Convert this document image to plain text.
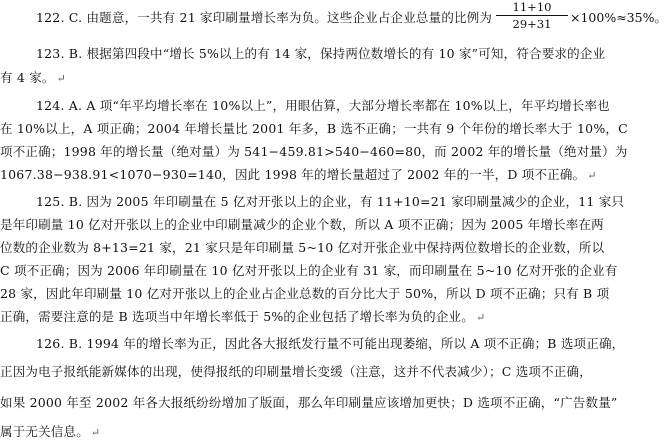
122. C. 由题意，一共有 21 家印刷量增长率为负。这些企业占企业总量的比例为 $\frac{11+10}{29+31} \times 100\%\approx 35\%$。
123. B. 根据第四段中“增长 5%以上的有 14 家，保持两位数增长的有 10 家”可知，符合要求的企业
有 4 家。 ↵
124. A. A 项“年平均增长率在 10%以上”，用眼估算，大部分增长率都在 10%以上，年平均增长率也
在 10%以上，A 项正确；2004 年增长量比 2001 年多，B 选不正确；一共有 9 个年份的增长率大于 10%，C
项不正确；1998 年的增长量（绝对量）为 541−459.81>540−460=80，而 2002 年的增长量（绝对量）为
1067.38−938.91<1070−930=140，因此 1998 年的增长量超过了 2002 年的一半，D 项不正确。 ↵
125. B. 因为 2005 年印刷量在 5 亿对开张以上的企业，有 11+10=21 家印刷量减少的企业，11 家只
是年印刷量 10 亿对开张以上的企业中印刷量减少的企业个数，所以 A 项不正确；因为 2005 年增长率在两
位数的企业数为 8+13=21 家，21 家只是年印刷量 5~10 亿对开张企业中保持两位数增长的企业数，所以
C 项不正确；因为 2006 年印刷量在 10 亿对开张以上的企业有 31 家，而印刷量在 5~10 亿对开张的企业有
28 家，因此年印刷量 10 亿对开张以上的企业占企业总数的百分比大于 50%，所以 D 项不正确；只有 B 项
正确，需要注意的是 B 选项当中年增长率低于 5%的企业包括了增长率为负的企业。 ↵
126. B. 1994 年的增长率为正，因此各大报纸发行量不可能出现萎缩，所以 A 项不正确；B 选项正确，
正因为电子报纸能新媒体的出现，使得报纸的印刷量增长变缓（注意，这并不代表减少）；C 选项不正确，
如果 2000 年至 2002 年各大报纸纷纷增加了版面，那么年印刷量应该增加更快；D 选项不正确，“广告数量”
属于无关信息。 ↵
